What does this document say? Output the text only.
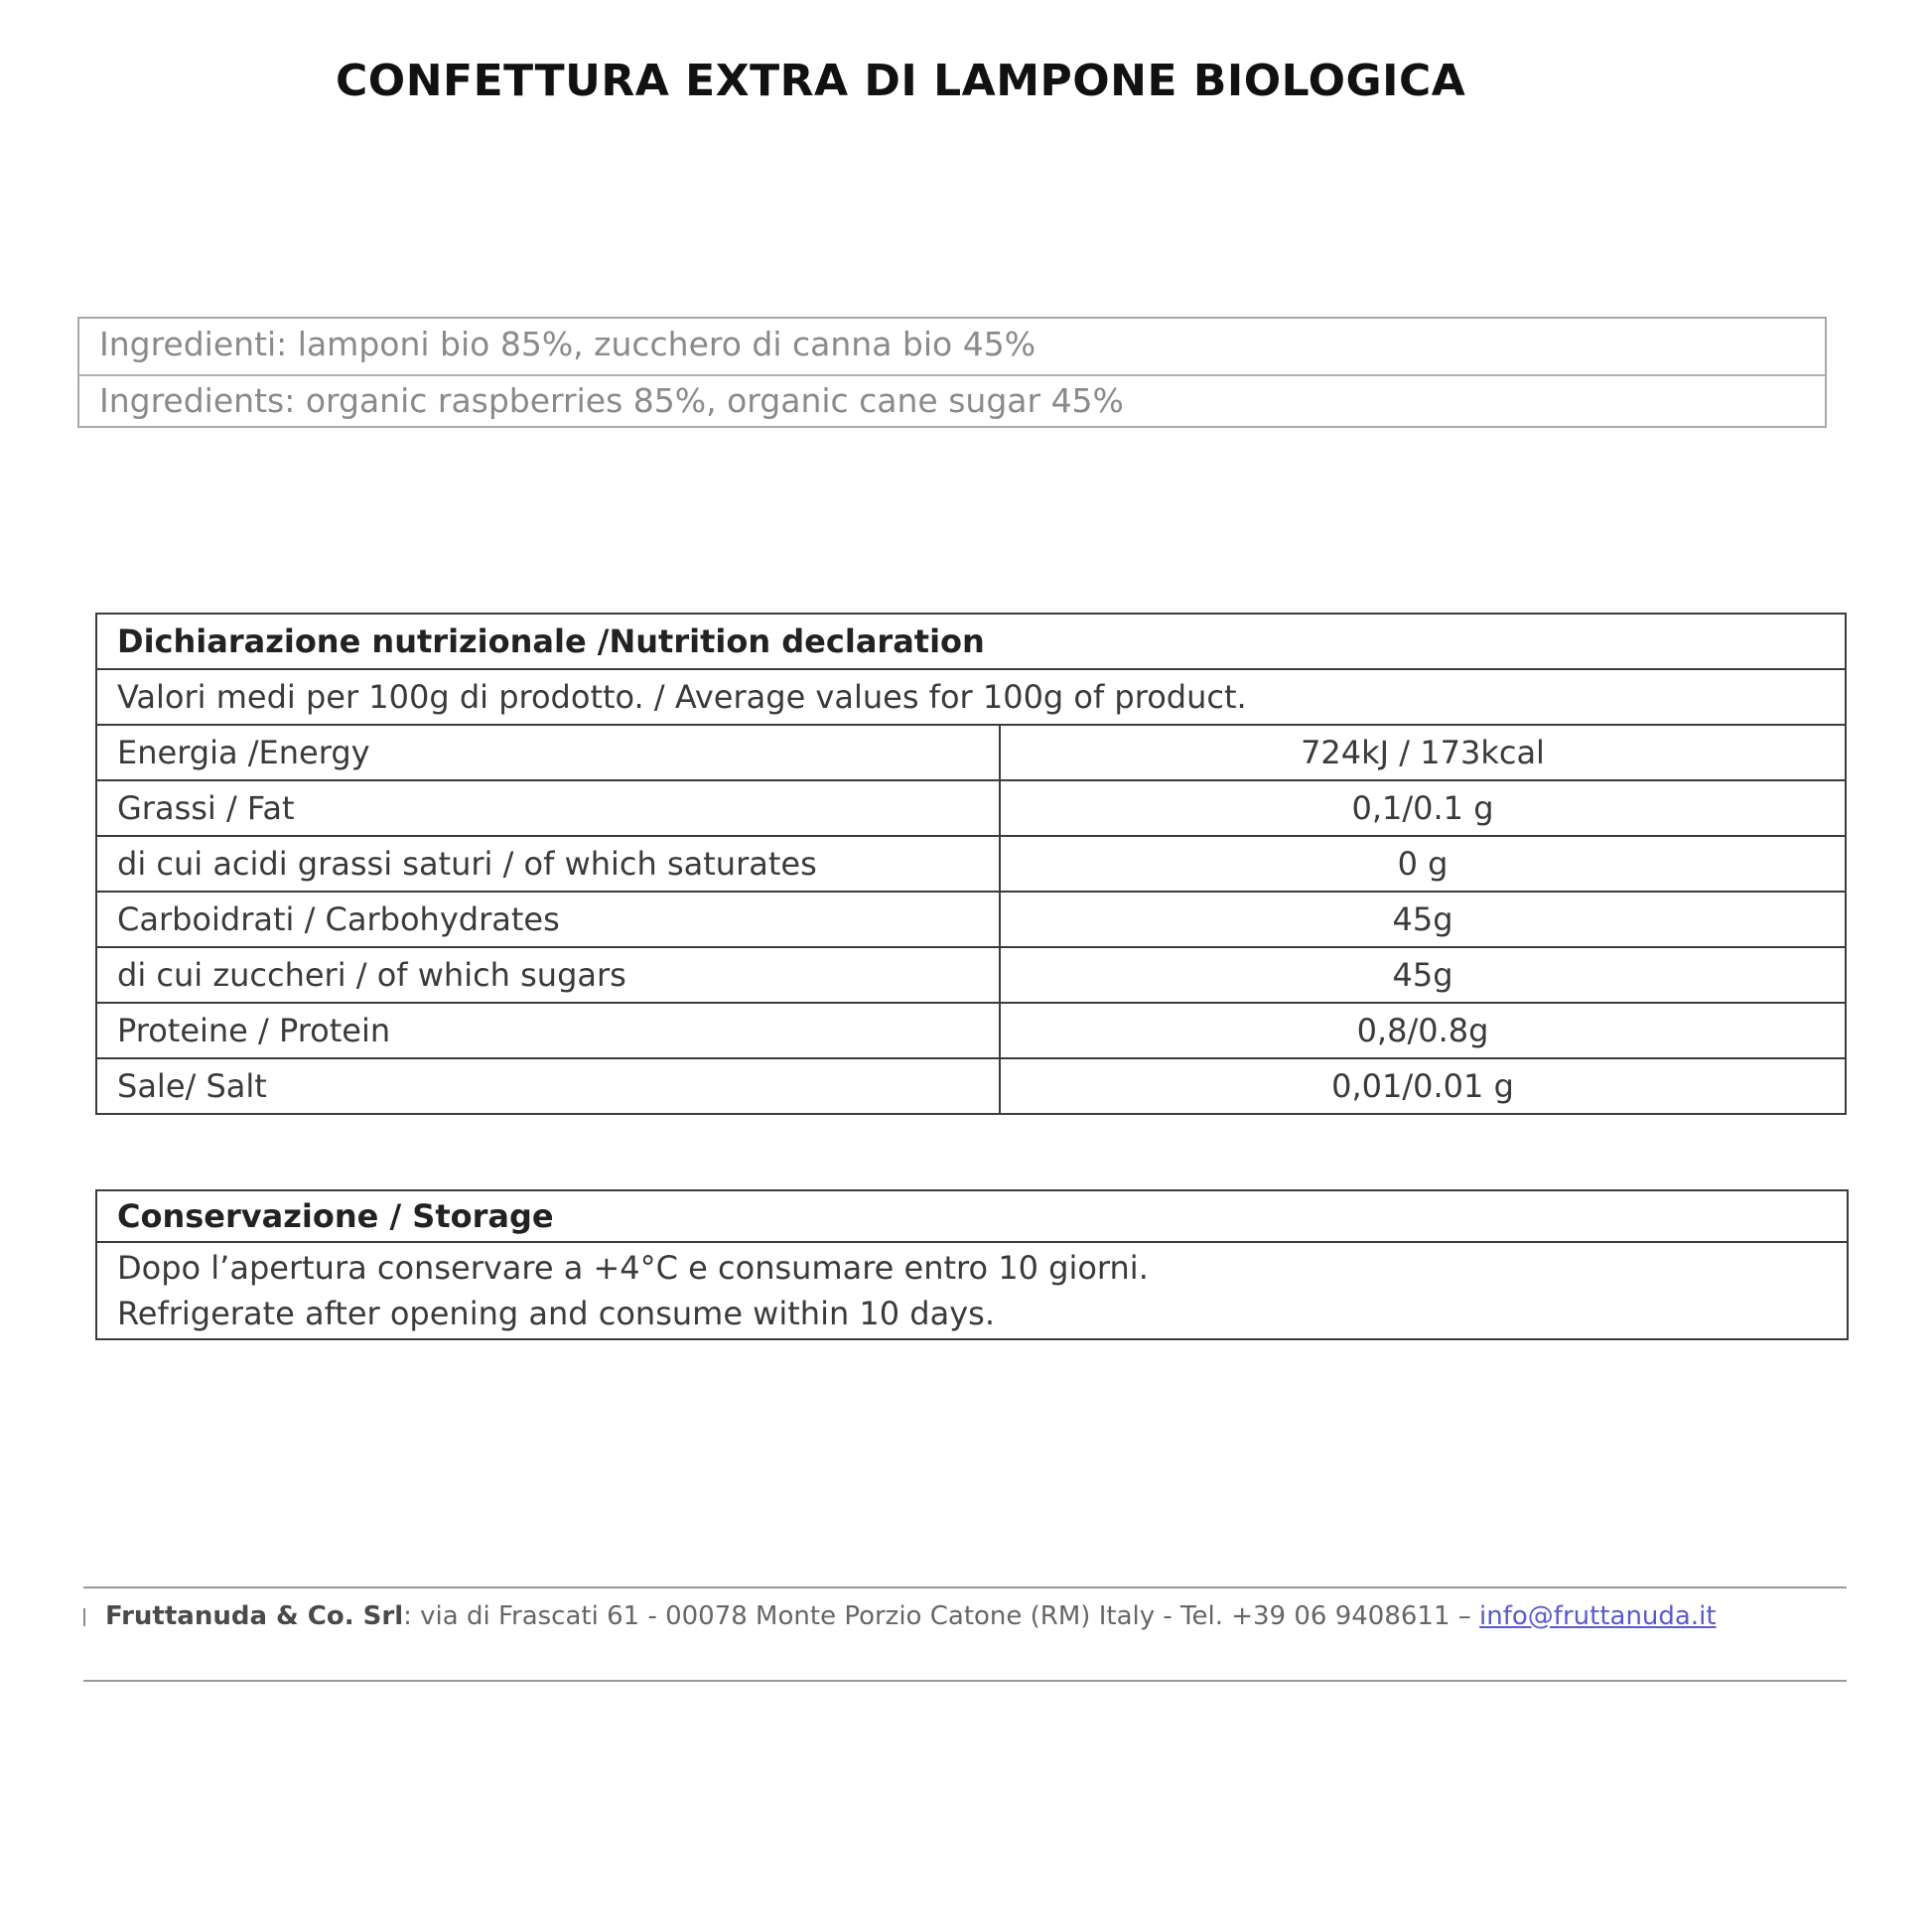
CONFETTURA EXTRA DI LAMPONE BIOLOGICA
Ingredienti: lamponi bio 85%, zucchero di canna bio 45%
Ingredients: organic raspberries 85%, organic cane sugar 45%
Dichiarazione nutrizionale /Nutrition declaration	
Valori medi per 100g di prodotto. / Average values for 100g of product.	
Energia /Energy	724kJ / 173kcal
Grassi / Fat	0,1/0.1 g
di cui acidi grassi saturi / of which saturates	0 g
Carboidrati / Carbohydrates	45g
di cui zuccheri / of which sugars	45g
Proteine / Protein	0,8/0.8g
Sale/ Salt	0,01/0.01 g
Conservazione / Storage
Dopo l’apertura conservare a +4°C e consumare entro 10 giorni.
Refrigerate after opening and consume within 10 days.
Fruttanuda & Co. Srl: via di Frascati 61 - 00078 Monte Porzio Catone (RM) Italy - Tel. +39 06 9408611 – info@fruttanuda.it
